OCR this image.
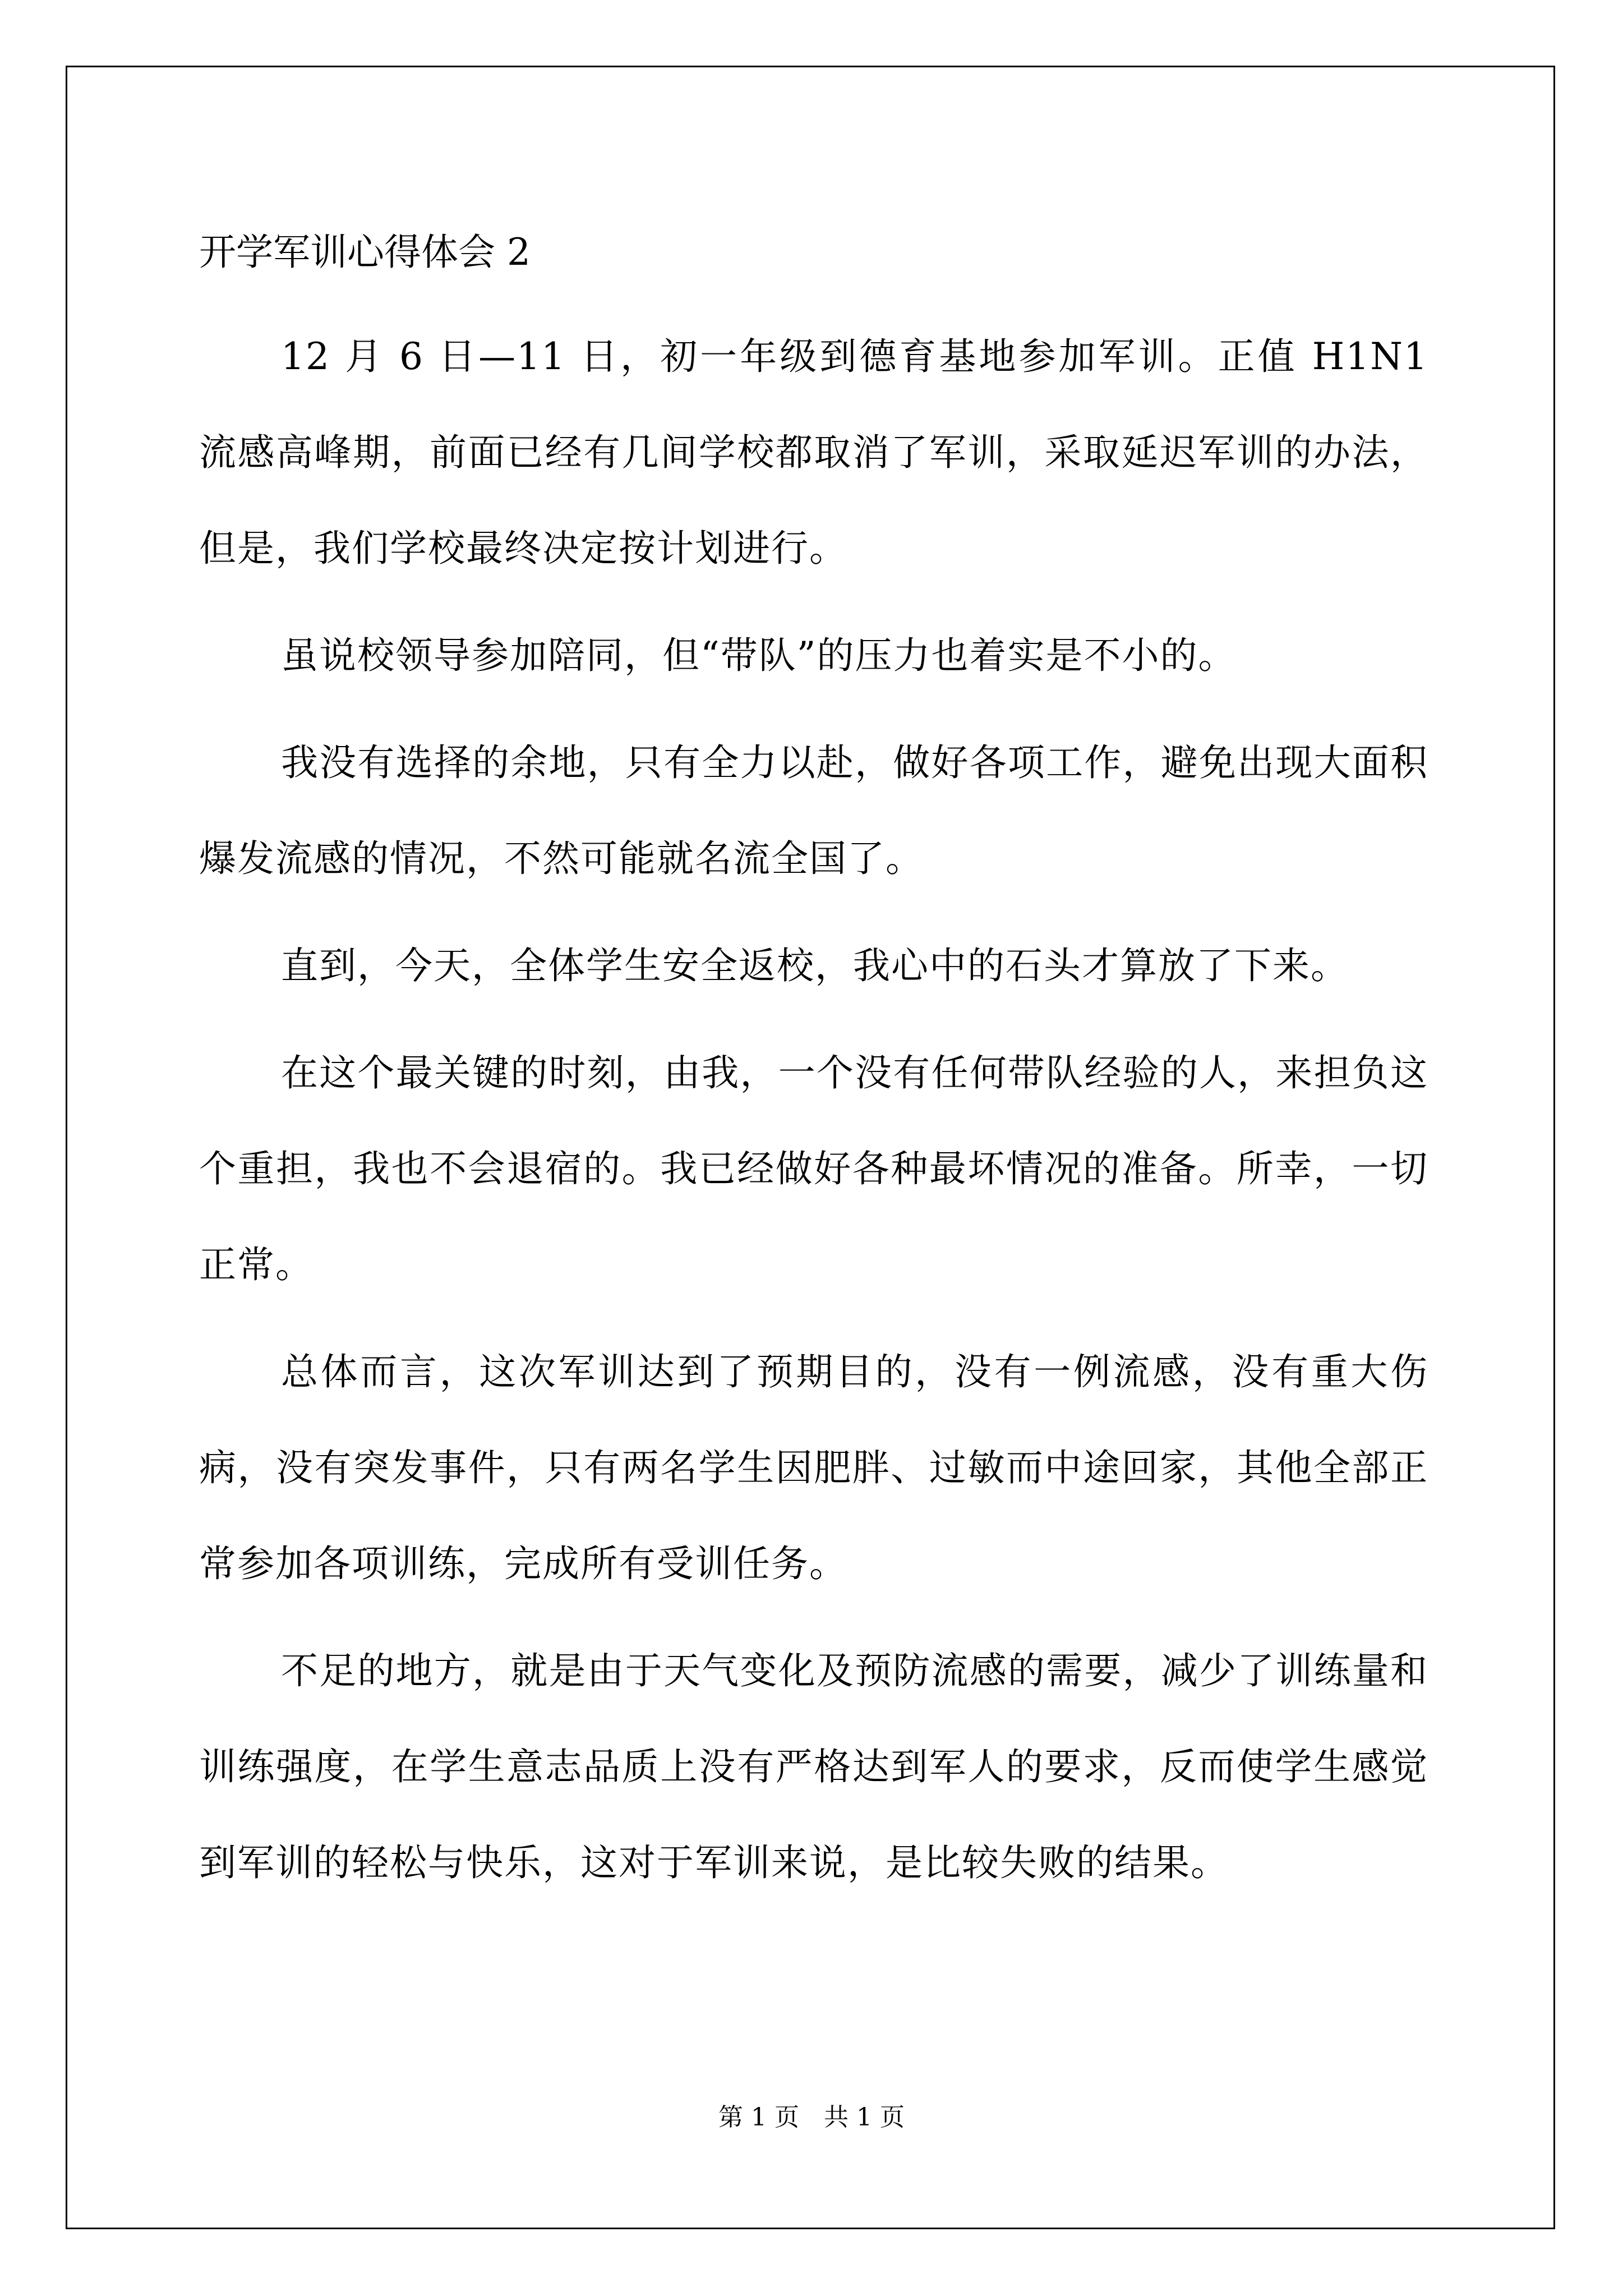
开学军训心得体会 2

12 月 6 日—11 日，初一年级到德育基地参加军训。正值 H1N1 流感高峰期，前面已经有几间学校都取消了军训，采取延迟军训的办法，但是，我们学校最终决定按计划进行。

虽说校领导参加陪同，但“带队”的压力也着实是不小的。

我没有选择的余地，只有全力以赴，做好各项工作，避免出现大面积爆发流感的情况，不然可能就名流全国了。

直到，今天，全体学生安全返校，我心中的石头才算放了下来。

在这个最关键的时刻，由我，一个没有任何带队经验的人，来担负这个重担，我也不会退宿的。我已经做好各种最坏情况的准备。所幸，一切正常。

总体而言，这次军训达到了预期目的，没有一例流感，没有重大伤病，没有突发事件，只有两名学生因肥胖、过敏而中途回家，其他全部正常参加各项训练，完成所有受训任务。

不足的地方，就是由于天气变化及预防流感的需要，减少了训练量和训练强度，在学生意志品质上没有严格达到军人的要求，反而使学生感觉到军训的轻松与快乐，这对于军训来说，是比较失败的结果。

第 1 页　共 1 页
